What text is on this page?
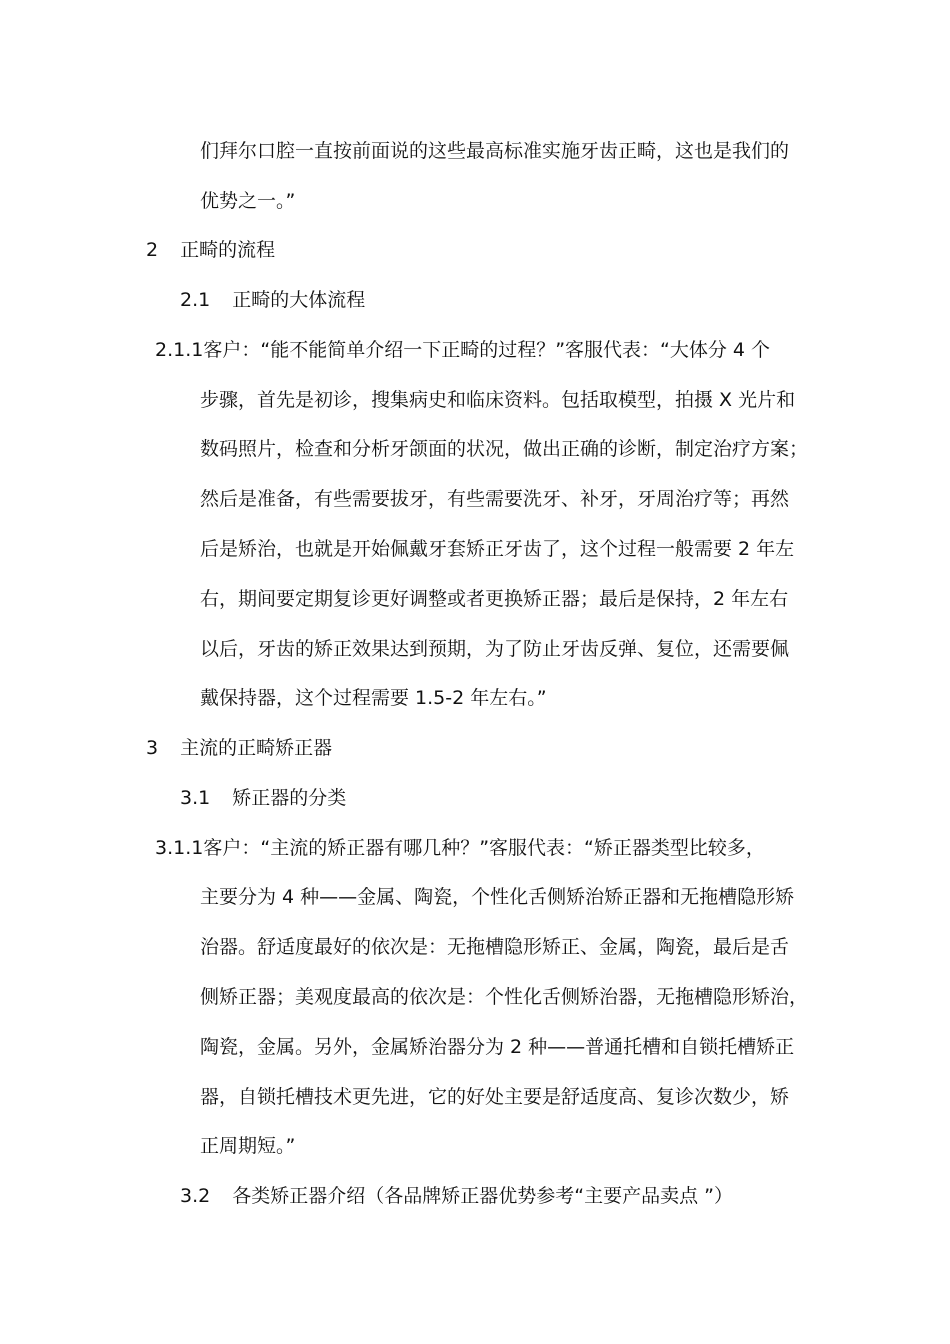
们拜尔口腔一直按前面说的这些最高标准实施牙齿正畸，这也是我们的
优势之一。”
2 正畸的流程
2.1 正畸的大体流程
2.1.1客户：“能不能简单介绍一下正畸的过程？”客服代表：“大体分 4 个
步骤，首先是初诊，搜集病史和临床资料。包括取模型，拍摄 X 光片和
数码照片，检查和分析牙颌面的状况，做出正确的诊断，制定治疗方案；
然后是准备，有些需要拔牙，有些需要洗牙、补牙，牙周治疗等；再然
后是矫治，也就是开始佩戴牙套矫正牙齿了，这个过程一般需要 2 年左
右，期间要定期复诊更好调整或者更换矫正器；最后是保持，2 年左右
以后，牙齿的矫正效果达到预期，为了防止牙齿反弹、复位，还需要佩
戴保持器，这个过程需要 1.5-2 年左右。”
3 主流的正畸矫正器
3.1 矫正器的分类
3.1.1客户：“主流的矫正器有哪几种？”客服代表：“矫正器类型比较多，
主要分为 4 种——金属、陶瓷，个性化舌侧矫治矫正器和无拖槽隐形矫
治器。舒适度最好的依次是：无拖槽隐形矫正、金属，陶瓷，最后是舌
侧矫正器；美观度最高的依次是：个性化舌侧矫治器，无拖槽隐形矫治，
陶瓷，金属。另外，金属矫治器分为 2 种——普通托槽和自锁托槽矫正
器，自锁托槽技术更先进，它的好处主要是舒适度高、复诊次数少，矫
正周期短。”
3.2 各类矫正器介绍（各品牌矫正器优势参考“主要产品卖点 ”）
